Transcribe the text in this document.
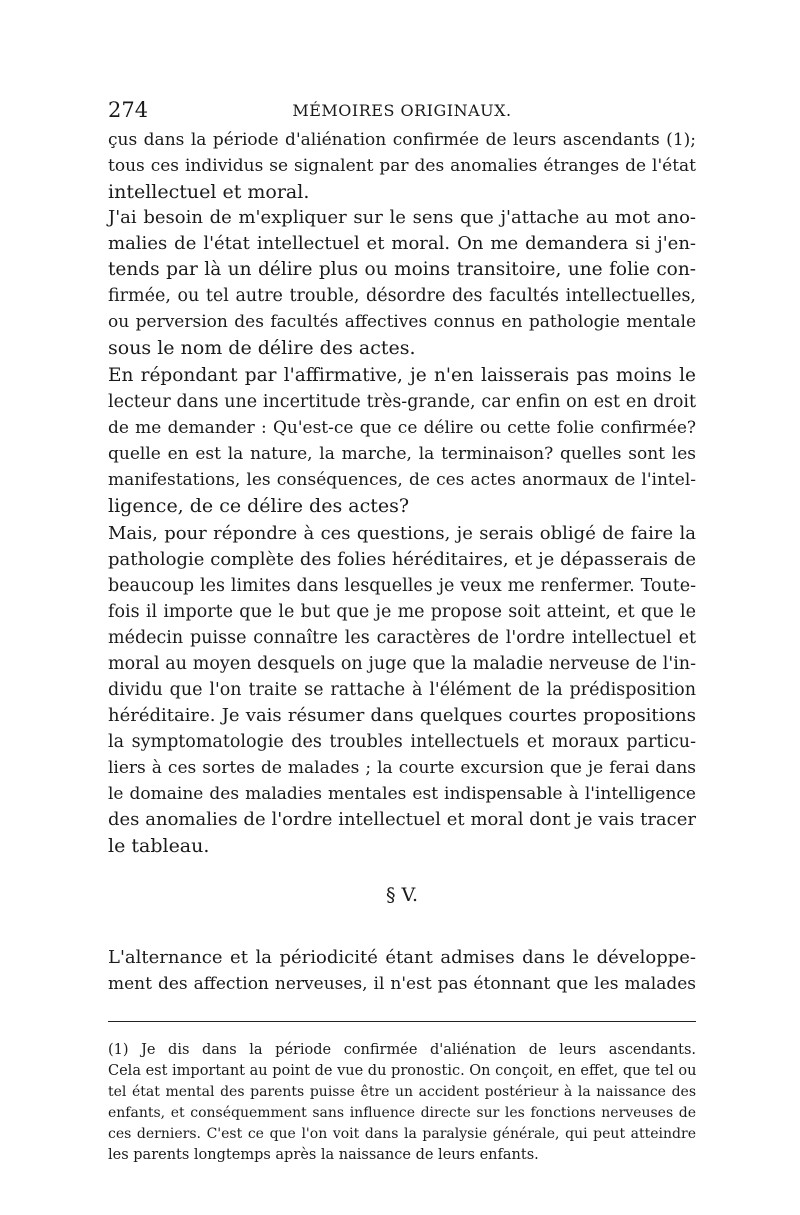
274	MÉMOIRES ORIGINAUX.
çus dans la période d'aliénation confirmée de leurs ascendants (1);
tous ces individus se signalent par des anomalies étranges de l'état
intellectuel et moral.
J'ai besoin de m'expliquer sur le sens que j'attache au mot ano-
malies de l'état intellectuel et moral. On me demandera si j'en-
tends par là un délire plus ou moins transitoire, une folie con-
firmée, ou tel autre trouble, désordre des facultés intellectuelles,
ou perversion des facultés affectives connus en pathologie mentale
sous le nom de délire des actes.
En répondant par l'affirmative, je n'en laisserais pas moins le
lecteur dans une incertitude très-grande, car enfin on est en droit
de me demander : Qu'est-ce que ce délire ou cette folie confirmée?
quelle en est la nature, la marche, la terminaison? quelles sont les
manifestations, les conséquences, de ces actes anormaux de l'intel-
ligence, de ce délire des actes?
Mais, pour répondre à ces questions, je serais obligé de faire la
pathologie complète des folies héréditaires, et je dépasserais de
beaucoup les limites dans lesquelles je veux me renfermer. Toute-
fois il importe que le but que je me propose soit atteint, et que le
médecin puisse connaître les caractères de l'ordre intellectuel et
moral au moyen desquels on juge que la maladie nerveuse de l'in-
dividu que l'on traite se rattache à l'élément de la prédisposition
héréditaire. Je vais résumer dans quelques courtes propositions
la symptomatologie des troubles intellectuels et moraux particu-
liers à ces sortes de malades ; la courte excursion que je ferai dans
le domaine des maladies mentales est indispensable à l'intelligence
des anomalies de l'ordre intellectuel et moral dont je vais tracer
le tableau.
§ V.
L'alternance et la périodicité étant admises dans le développe-
ment des affection nerveuses, il n'est pas étonnant que les malades
(1) Je dis dans la période confirmée d'aliénation de leurs ascendants.
Cela est important au point de vue du pronostic. On conçoit, en effet, que tel ou
tel état mental des parents puisse être un accident postérieur à la naissance des
enfants, et conséquemment sans influence directe sur les fonctions nerveuses de
ces derniers. C'est ce que l'on voit dans la paralysie générale, qui peut atteindre
les parents longtemps après la naissance de leurs enfants.
